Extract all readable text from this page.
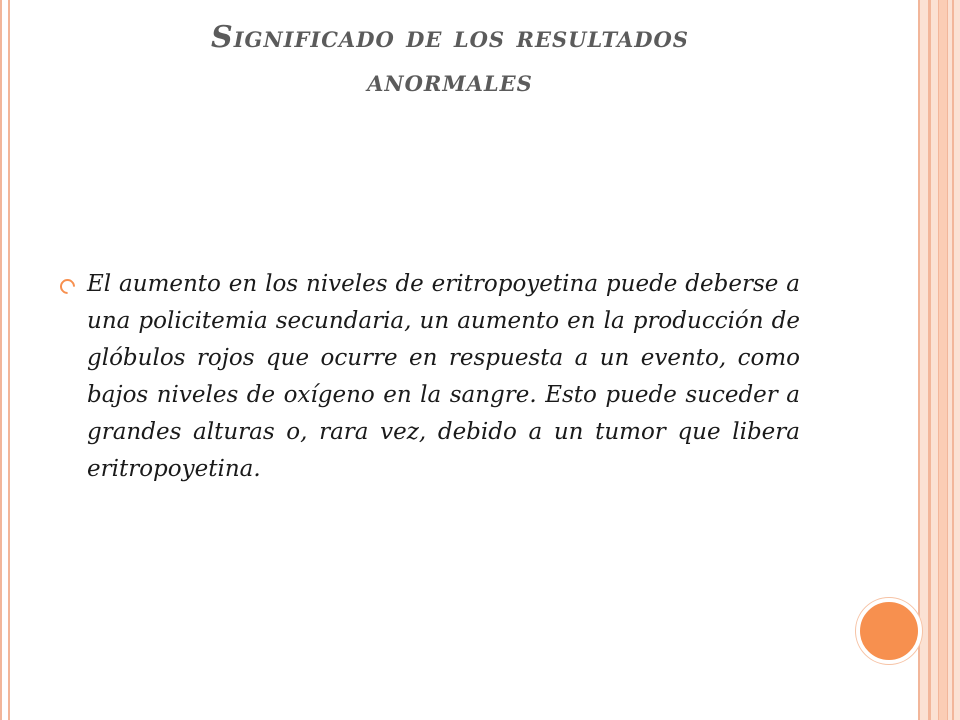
Significado de los resultados anormales
El aumento en los niveles de eritropoyetina puede deberse a una policitemia secundaria, un aumento en la producción de glóbulos rojos que ocurre en respuesta a un evento, como bajos niveles de oxígeno en la sangre. Esto puede suceder a grandes alturas o, rara vez, debido a un tumor que libera eritropoyetina.
